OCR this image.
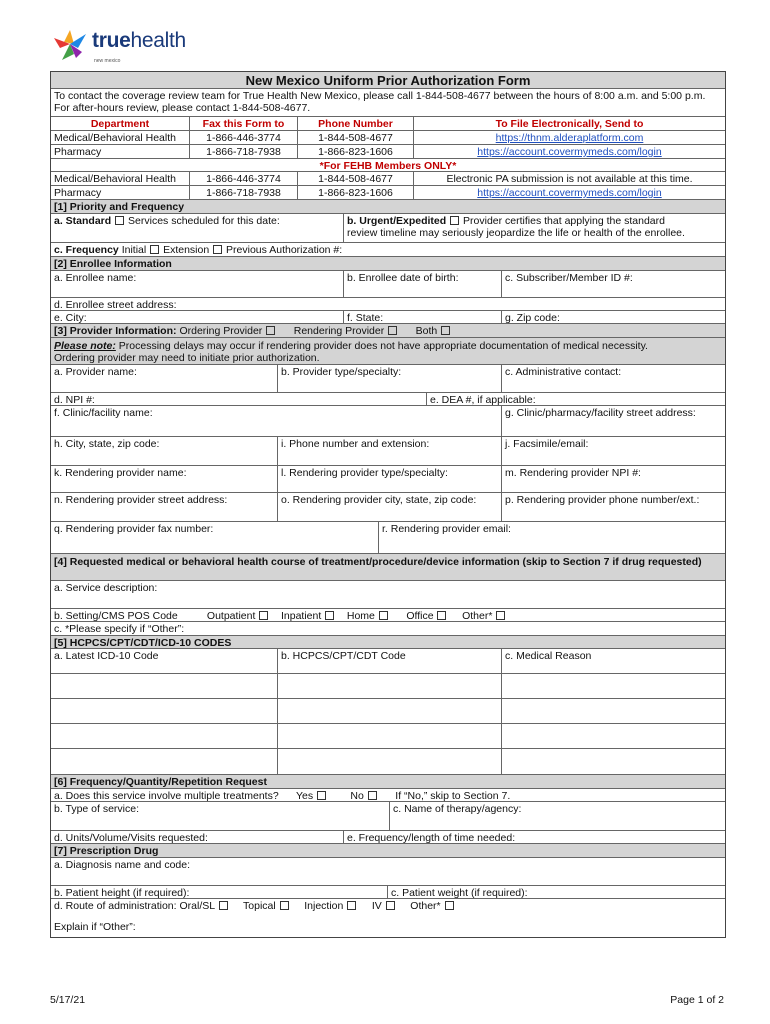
truehealth
new mexico
New Mexico Uniform Prior Authorization Form
To contact the coverage review team for True Health New Mexico, please call 1-844-508-4677 between the hours of 8:00 a.m. and 5:00 p.m. For after-hours review, please contact 1-844-508-4677.
Department	Fax this Form to	Phone Number	To File Electronically, Send to
Medical/Behavioral Health	1-866-446-3774	1-844-508-4677	https://thnm.alderaplatform.com
Pharmacy	1-866-718-7938	1-866-823-1606	https://account.covermymeds.com/login
*For FEHB Members ONLY*
Medical/Behavioral Health	1-866-446-3774	1-844-508-4677	Electronic PA submission is not available at this time.
Pharmacy	1-866-718-7938	1-866-823-1606	https://account.covermymeds.com/login
[1] Priority and Frequency
a. Standard Services scheduled for this date:	b. Urgent/Expedited Provider certifies that applying the standard
review timeline may seriously jeopardize the life or health of the enrollee.
c. Frequency Initial Extension Previous Authorization #:
[2] Enrollee Information
a. Enrollee name:	b. Enrollee date of birth:	c. Subscriber/Member ID #:
d. Enrollee street address:
e. City:	f. State:	g. Zip code:
[3] Provider Information: Ordering Provider	Rendering Provider	Both
Please note: Processing delays may occur if rendering provider does not have appropriate documentation of medical necessity.
Ordering provider may need to initiate prior authorization.
a. Provider name:	b. Provider type/specialty:	c. Administrative contact:
d. NPI #:	e. DEA #, if applicable:
f. Clinic/facility name:	g. Clinic/pharmacy/facility street address:
h. City, state, zip code:	i. Phone number and extension:	j. Facsimile/email:
k. Rendering provider name:	l. Rendering provider type/specialty:	m. Rendering provider NPI #:
n. Rendering provider street address:	o. Rendering provider city, state, zip code:	p. Rendering provider phone number/ext.:
q. Rendering provider fax number:	r. Rendering provider email:
[4] Requested medical or behavioral health course of treatment/procedure/device information (skip to Section 7 if drug requested)
a. Service description:
b. Setting/CMS POS Code	Outpatient Inpatient Home	Office	Other*
c. *Please specify if “Other”:
[5] HCPCS/CPT/CDT/ICD-10 CODES
a. Latest ICD-10 Code	b. HCPCS/CPT/CDT Code	c. Medical Reason
[6] Frequency/Quantity/Repetition Request
a. Does this service involve multiple treatments? Yes	No	If “No,” skip to Section 7.
b. Type of service:	c. Name of therapy/agency:
d. Units/Volume/Visits requested:	e. Frequency/length of time needed:
[7] Prescription Drug
a. Diagnosis name and code:
b. Patient height (if required):	c. Patient weight (if required):
d. Route of administration: Oral/SL	Topical	Injection	IV	Other*
Explain if “Other”:
5/17/21	Page 1 of 2
